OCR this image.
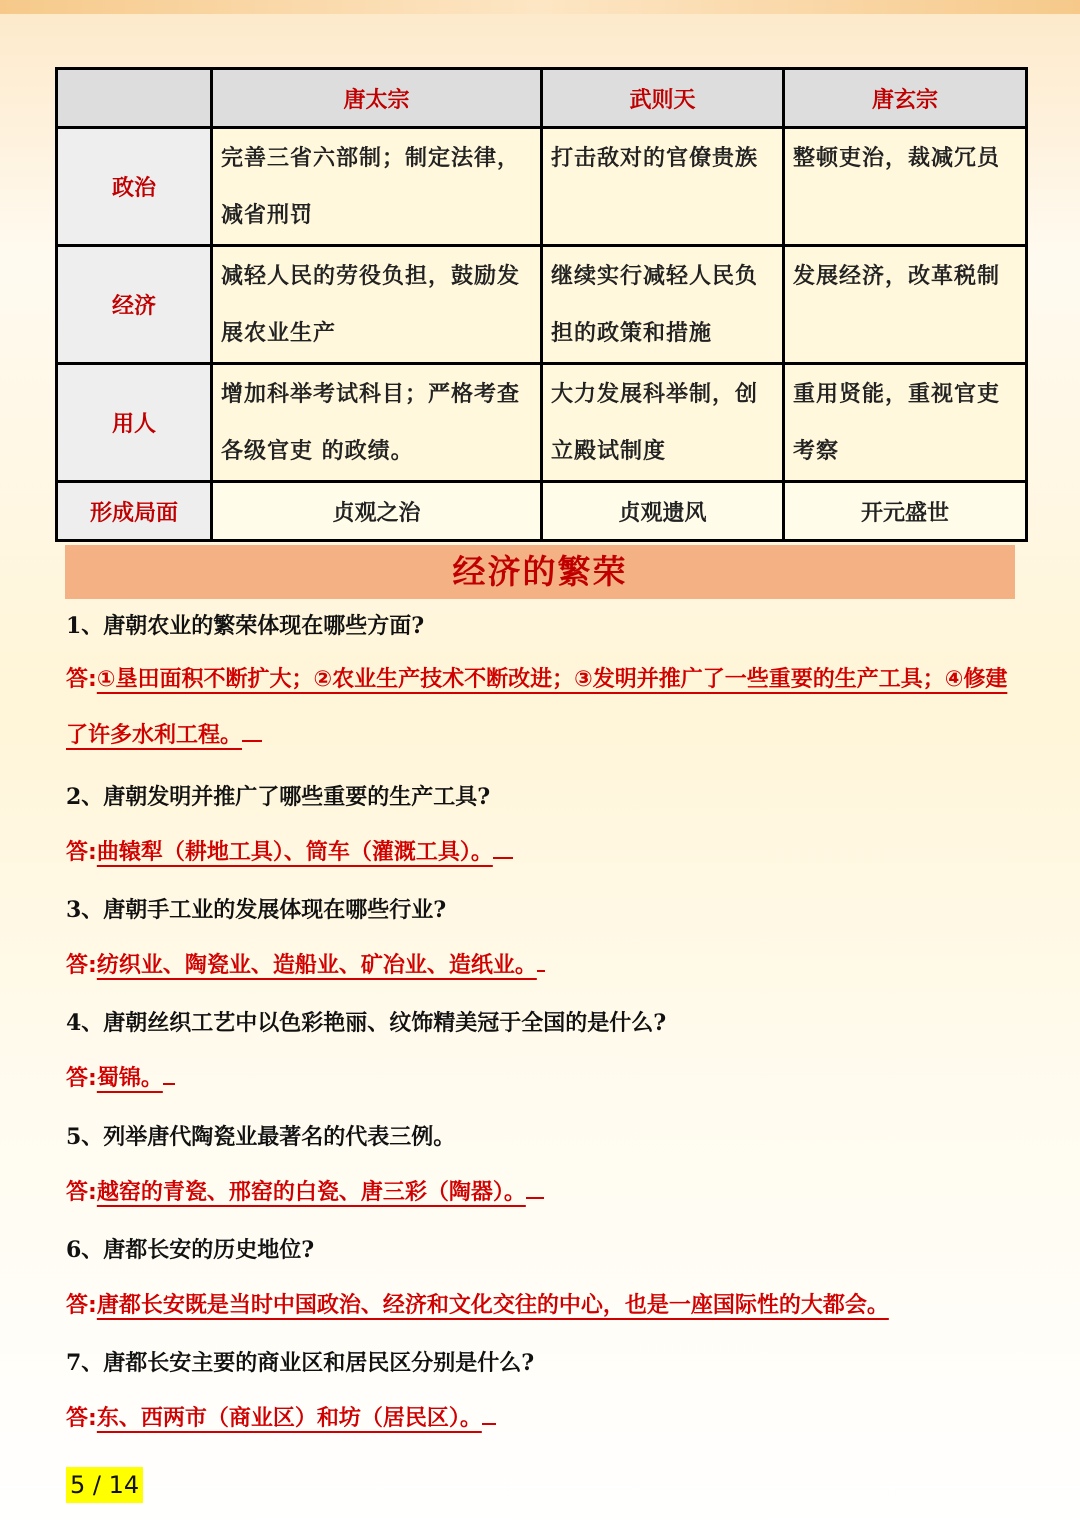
	唐太宗	武则天	唐玄宗
政治	完善三省六部制；制定法律，减省刑罚	打击敌对的官僚贵族	整顿吏治，裁减冗员
经济	减轻人民的劳役负担，鼓励发展农业生产	继续实行减轻人民负担的政策和措施	发展经济，改革税制
用人	增加科举考试科目；严格考查各级官吏 的政绩。	大力发展科举制，创立殿试制度	重用贤能，重视官吏考察
形成局面	贞观之治	贞观遗风	开元盛世
经济的繁荣
1、唐朝农业的繁荣体现在哪些方面?
答:①垦田面积不断扩大；②农业生产技术不断改进；③发明并推广了一些重要的生产工具；④修建了许多水利工程。
2、唐朝发明并推广了哪些重要的生产工具?
答:曲辕犁（耕地工具）、筒车（灌溉工具）。
3、唐朝手工业的发展体现在哪些行业?
答:纺织业、陶瓷业、造船业、矿冶业、造纸业。
4、唐朝丝织工艺中以色彩艳丽、纹饰精美冠于全国的是什么?
答:蜀锦。
5、列举唐代陶瓷业最著名的代表三例。
答:越窑的青瓷、邢窑的白瓷、唐三彩（陶器）。
6、唐都长安的历史地位?
答:唐都长安既是当时中国政治、经济和文化交往的中心，也是一座国际性的大都会。
7、唐都长安主要的商业区和居民区分别是什么?
答:东、西两市（商业区）和坊（居民区）。
5 / 14
